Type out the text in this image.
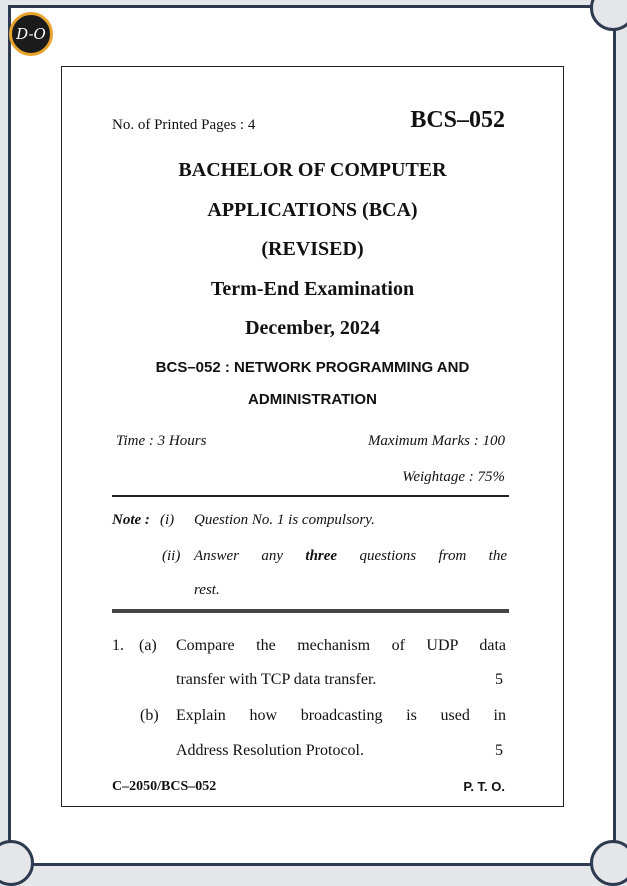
D-O
No. of Printed Pages : 4	BCS–052
BACHELOR OF COMPUTER
APPLICATIONS (BCA)
(REVISED)
Term-End Examination
December, 2024
BCS–052 : NETWORK PROGRAMMING AND
ADMINISTRATION
Time : 3 Hours	Maximum Marks : 100
Weightage : 75%
Note : (i) Question No. 1 is compulsory.
(ii) Answer any three questions from the
rest.
1. (a) Compare the mechanism of UDP data
transfer with TCP data transfer.	5
(b) Explain how broadcasting is used in
Address Resolution Protocol.	5
C–2050/BCS–052	P. T. O.
